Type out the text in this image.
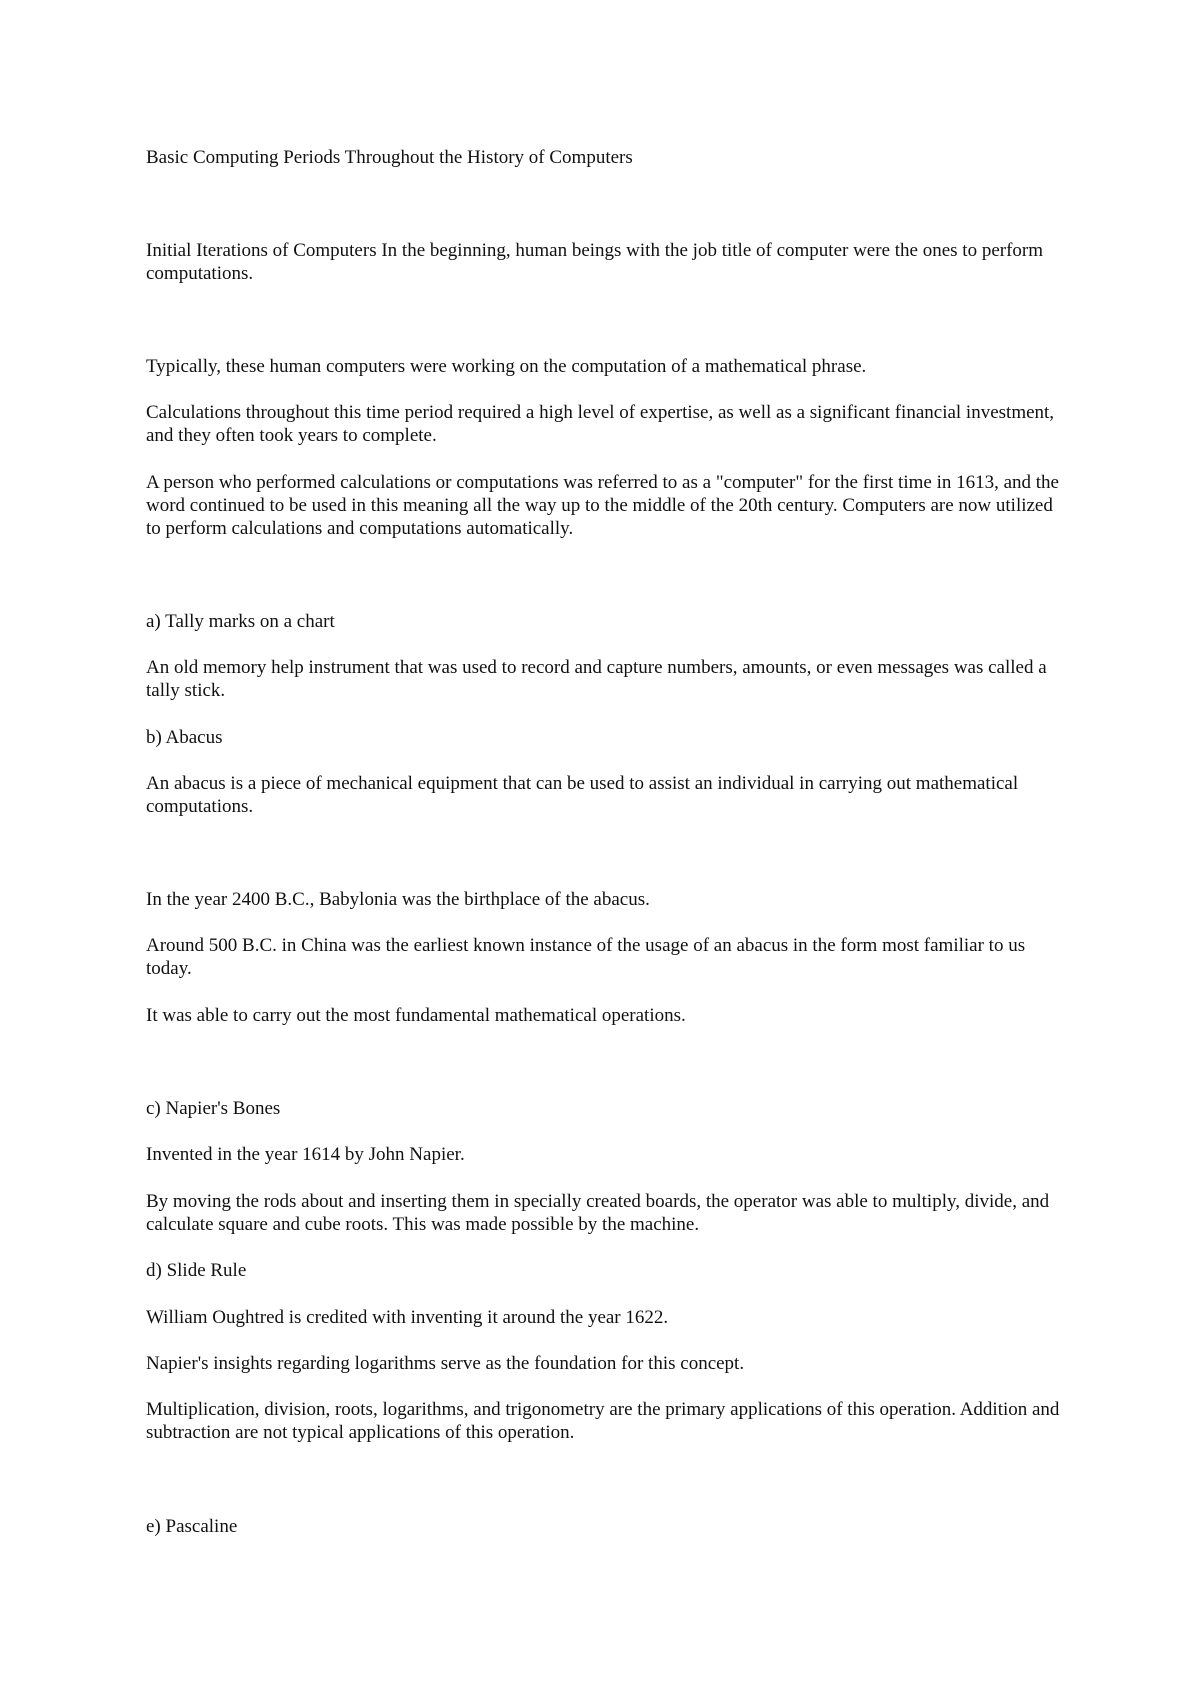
Basic Computing Periods Throughout the History of Computers

Initial Iterations of Computers In the beginning, human beings with the job title of computer were the ones to perform computations.

Typically, these human computers were working on the computation of a mathematical phrase.

Calculations throughout this time period required a high level of expertise, as well as a significant financial investment, and they often took years to complete.

A person who performed calculations or computations was referred to as a "computer" for the first time in 1613, and the word continued to be used in this meaning all the way up to the middle of the 20th century. Computers are now utilized to perform calculations and computations automatically.

a) Tally marks on a chart

An old memory help instrument that was used to record and capture numbers, amounts, or even messages was called a tally stick.

b) Abacus

An abacus is a piece of mechanical equipment that can be used to assist an individual in carrying out mathematical computations.

In the year 2400 B.C., Babylonia was the birthplace of the abacus.

Around 500 B.C. in China was the earliest known instance of the usage of an abacus in the form most familiar to us today.

It was able to carry out the most fundamental mathematical operations.

c) Napier's Bones

Invented in the year 1614 by John Napier.

By moving the rods about and inserting them in specially created boards, the operator was able to multiply, divide, and calculate square and cube roots. This was made possible by the machine.

d) Slide Rule

William Oughtred is credited with inventing it around the year 1622.

Napier's insights regarding logarithms serve as the foundation for this concept.

Multiplication, division, roots, logarithms, and trigonometry are the primary applications of this operation. Addition and subtraction are not typical applications of this operation.

e) Pascaline
